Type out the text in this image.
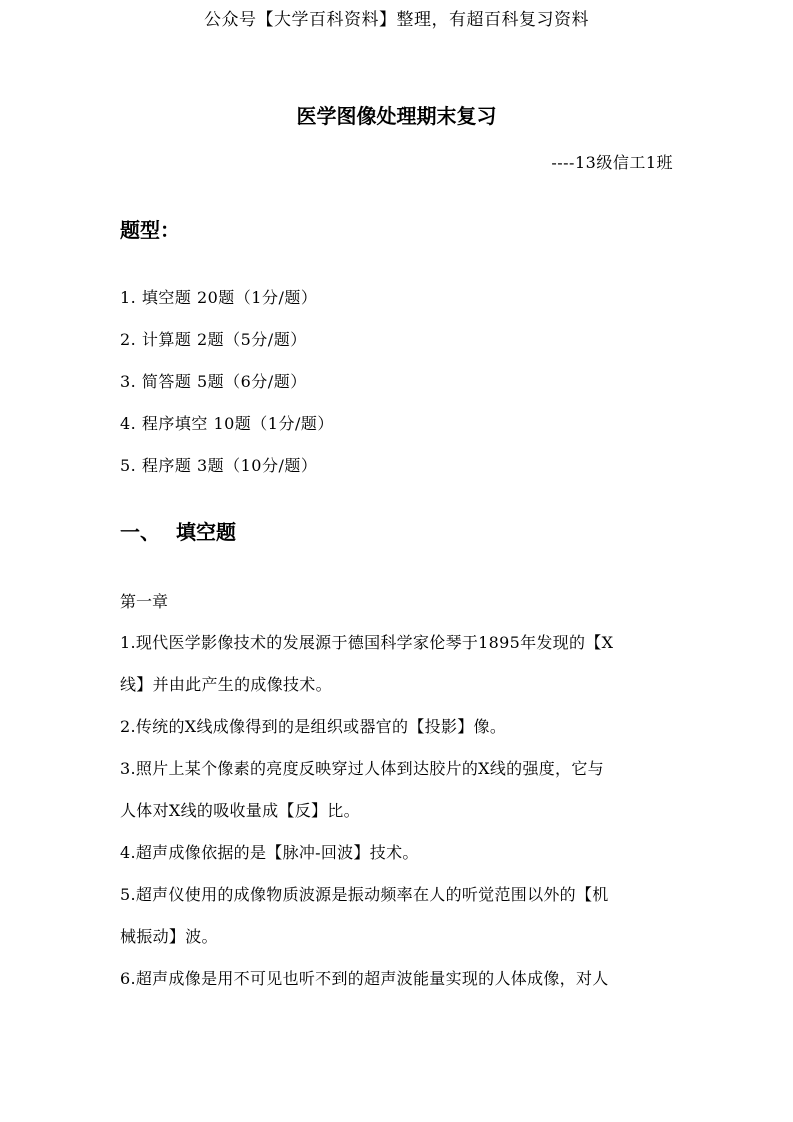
公众号【大学百科资料】整理，有超百科复习资料
医学图像处理期末复习
----13级信工1班
题型：
1. 填空题 20题（1分/题）
2. 计算题 2题（5分/题）
3. 简答题 5题（6分/题）
4. 程序填空 10题（1分/题）
5. 程序题 3题（10分/题）
一、 填空题
第一章
1.现代医学影像技术的发展源于德国科学家伦琴于1895年发现的【X
线】并由此产生的成像技术。
2.传统的X线成像得到的是组织或器官的【投影】像。
3.照片上某个像素的亮度反映穿过人体到达胶片的X线的强度，它与
人体对X线的吸收量成【反】比。
4.超声成像依据的是【脉冲-回波】技术。
5.超声仪使用的成像物质波源是振动频率在人的听觉范围以外的【机
械振动】波。
6.超声成像是用不可见也听不到的超声波能量实现的人体成像，对人
